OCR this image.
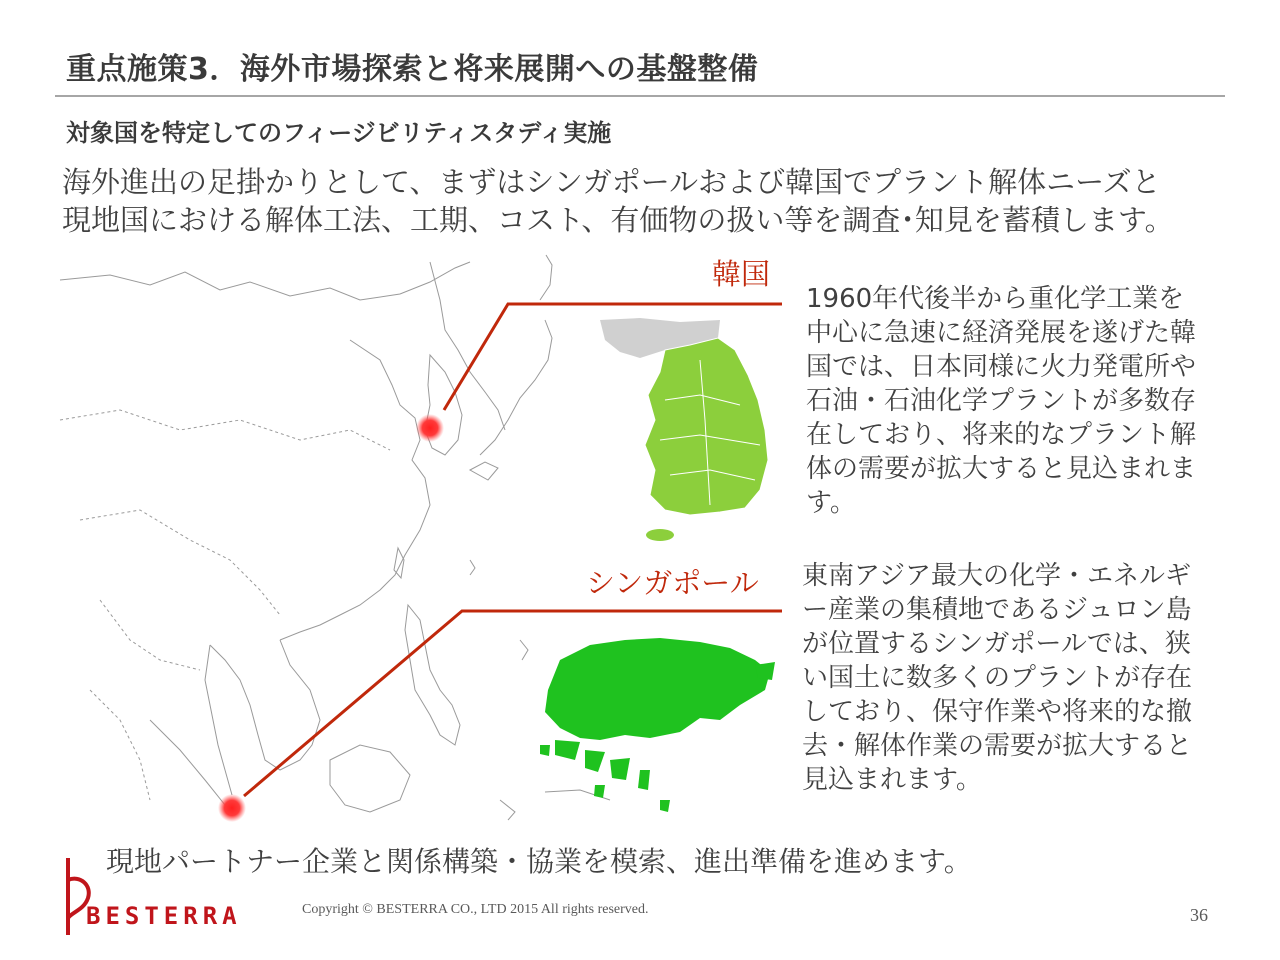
重点施策3．海外市場探索と将来展開への基盤整備
対象国を特定してのフィージビリティスタディ実施
海外進出の足掛かりとして、まずはシンガポールおよび韓国でプラント解体ニーズと
現地国における解体工法、工期、コスト、有価物の扱い等を調査･知見を蓄積します。
韓国
1960年代後半から重化学工業を
中心に急速に経済発展を遂げた韓
国では、日本同様に火力発電所や
石油・石油化学プラントが多数存
在しており、将来的なプラント解
体の需要が拡大すると見込まれま
す。
シンガポール 東南アジア最大の化学・エネルギ
ー産業の集積地であるジュロン島
が位置するシンガポールでは、狭
い国土に数多くのプラントが存在
しており、保守作業や将来的な撤
去・解体作業の需要が拡大すると
見込まれます。
現地パートナー企業と関係構築・協業を模索、進出準備を進めます。
BESTERRA	Copyright © BESTERRA CO., LTD 2015 All rights reserved.	36
